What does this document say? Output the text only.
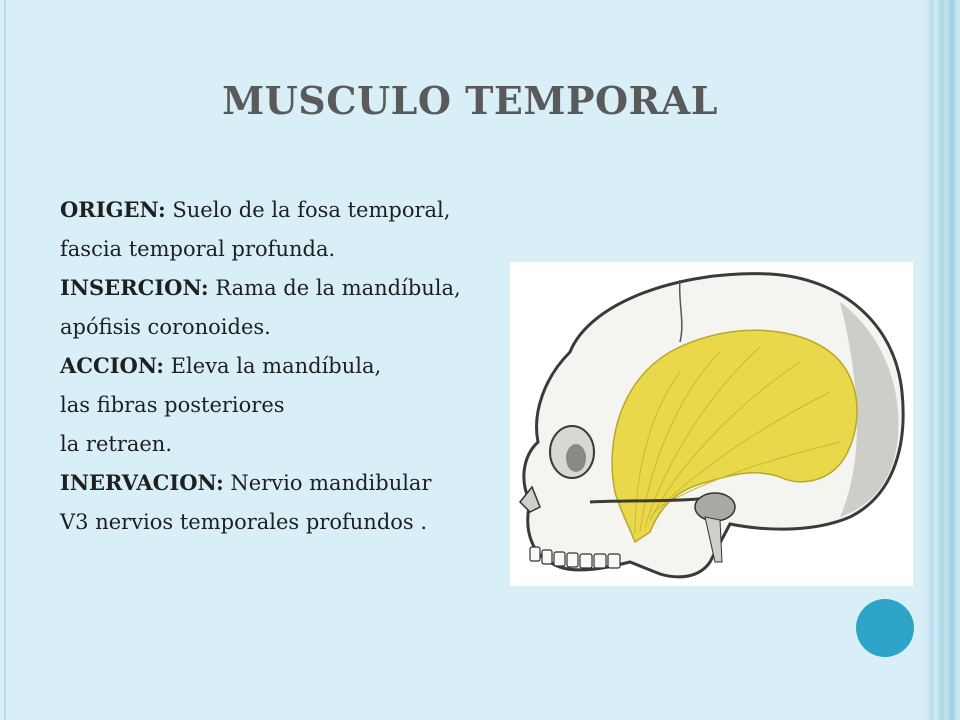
MUSCULO TEMPORAL
ORIGEN: Suelo de la fosa temporal,
fascia temporal profunda.
INSERCION: Rama de la mandíbula,
apófisis coronoides.
ACCION: Eleva la mandíbula,
las fibras posteriores
la retraen.
INERVACION: Nervio mandibular
V3 nervios temporales profundos .
